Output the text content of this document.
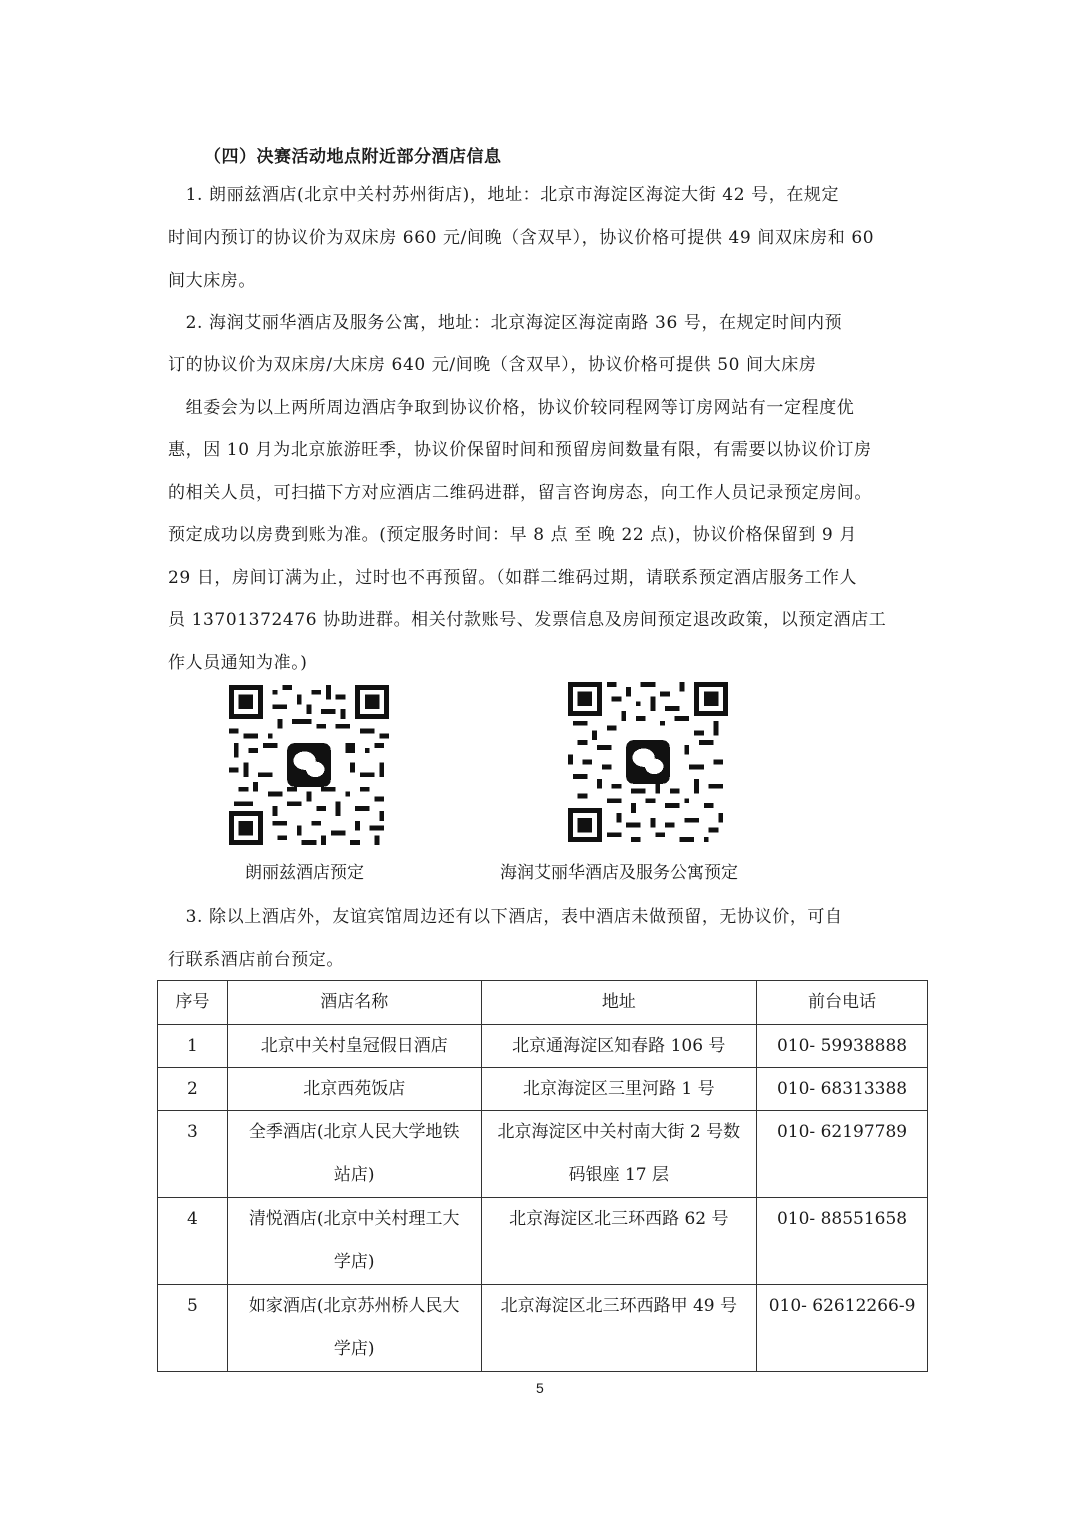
（四）决赛活动地点附近部分酒店信息
　1. 朗丽兹酒店(北京中关村苏州街店)，地址：北京市海淀区海淀大街 42 号，在规定
时间内预订的协议价为双床房 660 元/间晚（含双早），协议价格可提供 49 间双床房和 60
间大床房。
　2. 海润艾丽华酒店及服务公寓，地址：北京海淀区海淀南路 36 号，在规定时间内预
订的协议价为双床房/大床房 640 元/间晚（含双早），协议价格可提供 50 间大床房
　组委会为以上两所周边酒店争取到协议价格，协议价较同程网等订房网站有一定程度优
惠，因 10 月为北京旅游旺季，协议价保留时间和预留房间数量有限，有需要以协议价订房
的相关人员，可扫描下方对应酒店二维码进群，留言咨询房态，向工作人员记录预定房间。
预定成功以房费到账为准。(预定服务时间：早 8 点 至 晚 22 点)，协议价格保留到 9 月
29 日，房间订满为止，过时也不再预留。（如群二维码过期，请联系预定酒店服务工作人
员 13701372476 协助进群。相关付款账号、发票信息及房间预定退改政策，以预定酒店工
作人员通知为准。)
朗丽兹酒店预定	海润艾丽华酒店及服务公寓预定
　3. 除以上酒店外，友谊宾馆周边还有以下酒店，表中酒店未做预留，无协议价，可自
行联系酒店前台预定。
序号	酒店名称	地址	前台电话
1	北京中关村皇冠假日酒店	北京通海淀区知春路 106 号	010- 59938888
2	北京西苑饭店	北京海淀区三里河路 1 号	010- 68313388
3	全季酒店(北京人民大学地铁站店)	北京海淀区中关村南大街 2 号数码银座 17 层	010- 62197789
4	清悦酒店(北京中关村理工大学店)	北京海淀区北三环西路 62 号	010- 88551658
5	如家酒店(北京苏州桥人民大学店)	北京海淀区北三环西路甲 49 号	010- 62612266-9
5
